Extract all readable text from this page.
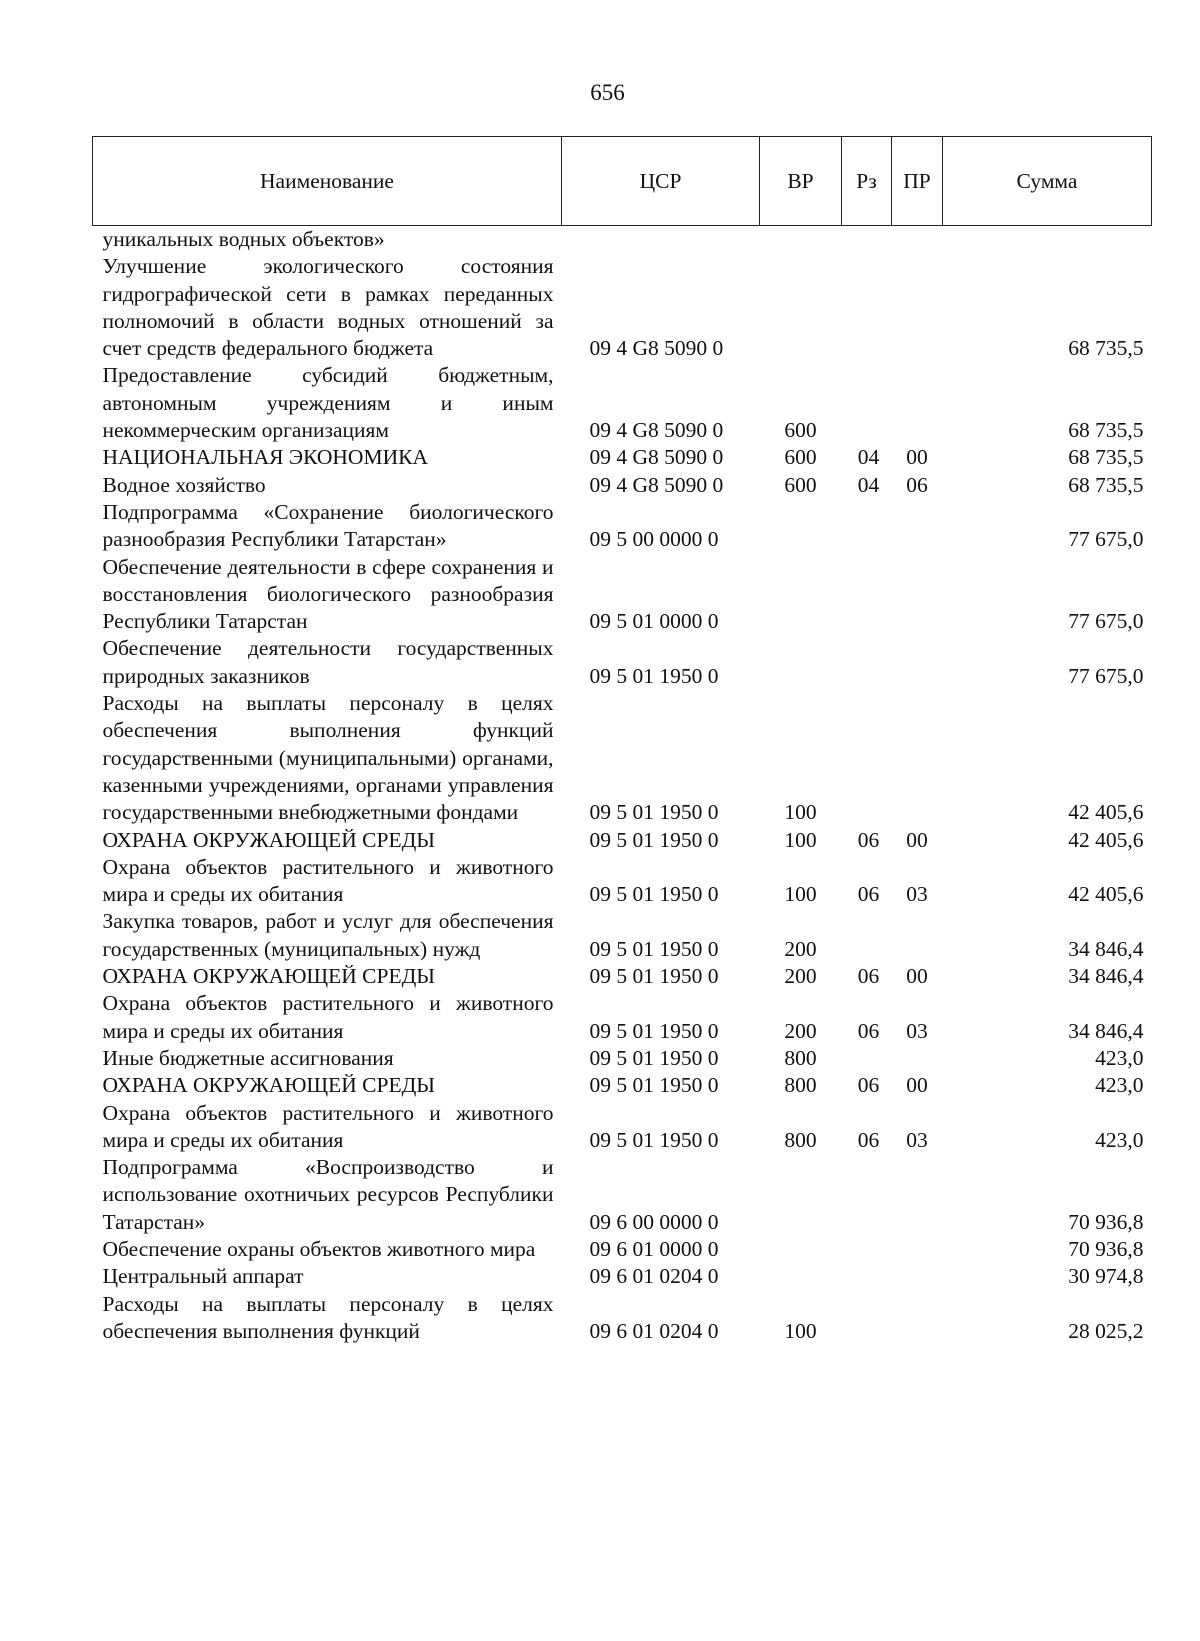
656
Наименование	ЦСР	ВР	Рз	ПР	Сумма
уникальных водных объектов»					
Улучшение экологического состояния гидрографической сети в рамках переданных полномочий в области водных отношений за счет средств федерального бюджета	09 4 G8 5090 0				68 735,5
Предоставление субсидий бюджетным, автономным учреждениям и иным некоммерческим организациям	09 4 G8 5090 0	600			68 735,5
НАЦИОНАЛЬНАЯ ЭКОНОМИКА	09 4 G8 5090 0	600	04	00	68 735,5
Водное хозяйство	09 4 G8 5090 0	600	04	06	68 735,5
Подпрограмма «Сохранение биологического разнообразия Республики Татарстан»	09 5 00 0000 0				77 675,0
Обеспечение деятельности в сфере сохранения и восстановления биологического разнообразия Республики Татарстан	09 5 01 0000 0				77 675,0
Обеспечение деятельности государственных природных заказников	09 5 01 1950 0				77 675,0
Расходы на выплаты персоналу в целях обеспечения выполнения функций государственными (муниципальными) органами, казенными учреждениями, органами управления государственными внебюджетными фондами	09 5 01 1950 0	100			42 405,6
ОХРАНА ОКРУЖАЮЩЕЙ СРЕДЫ	09 5 01 1950 0	100	06	00	42 405,6
Охрана объектов растительного и животного мира и среды их обитания	09 5 01 1950 0	100	06	03	42 405,6
Закупка товаров, работ и услуг для обеспечения государственных (муниципальных) нужд	09 5 01 1950 0	200			34 846,4
ОХРАНА ОКРУЖАЮЩЕЙ СРЕДЫ	09 5 01 1950 0	200	06	00	34 846,4
Охрана объектов растительного и животного мира и среды их обитания	09 5 01 1950 0	200	06	03	34 846,4
Иные бюджетные ассигнования	09 5 01 1950 0	800			423,0
ОХРАНА ОКРУЖАЮЩЕЙ СРЕДЫ	09 5 01 1950 0	800	06	00	423,0
Охрана объектов растительного и животного мира и среды их обитания	09 5 01 1950 0	800	06	03	423,0
Подпрограмма «Воспроизводство и использование охотничьих ресурсов Республики Татарстан»	09 6 00 0000 0				70 936,8
Обеспечение охраны объектов животного мира	09 6 01 0000 0				70 936,8
Центральный аппарат	09 6 01 0204 0				30 974,8
Расходы на выплаты персоналу в целях обеспечения выполнения функций	09 6 01 0204 0	100			28 025,2
